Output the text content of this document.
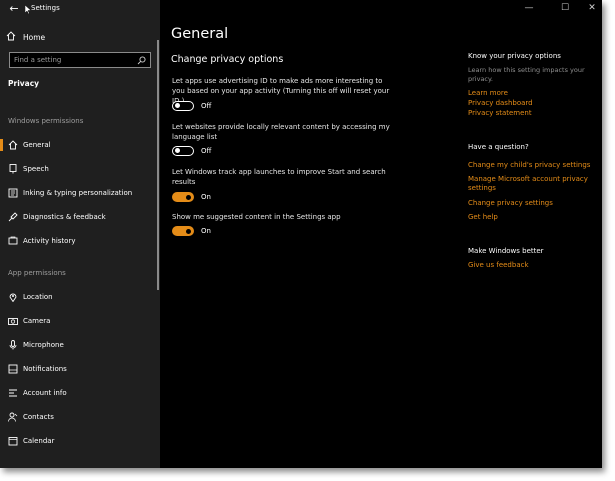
←	Settings
Home
Find a setting
Privacy
Windows permissions
General
Speech
Inking & typing personalization
Diagnostics & feedback
Activity history
App permissions
Location
Camera
Microphone
Notifications
Account info
Contacts
Calendar
—	☐	✕
General
Change privacy options
Let apps use advertising ID to make ads more interesting to you based on your app activity (Turning this off will reset your
Off
Let websites provide locally relevant content by accessing my language list
Off
Let Windows track app launches to improve Start and search results
On
Show me suggested content in the Settings app
On
Know your privacy options
Learn how this setting impacts your privacy.
Learn more
Privacy dashboard
Privacy statement
Have a question?
Change my child's privacy settings
Manage Microsoft account privacy settings
Change privacy settings
Get help
Make Windows better
Give us feedback
